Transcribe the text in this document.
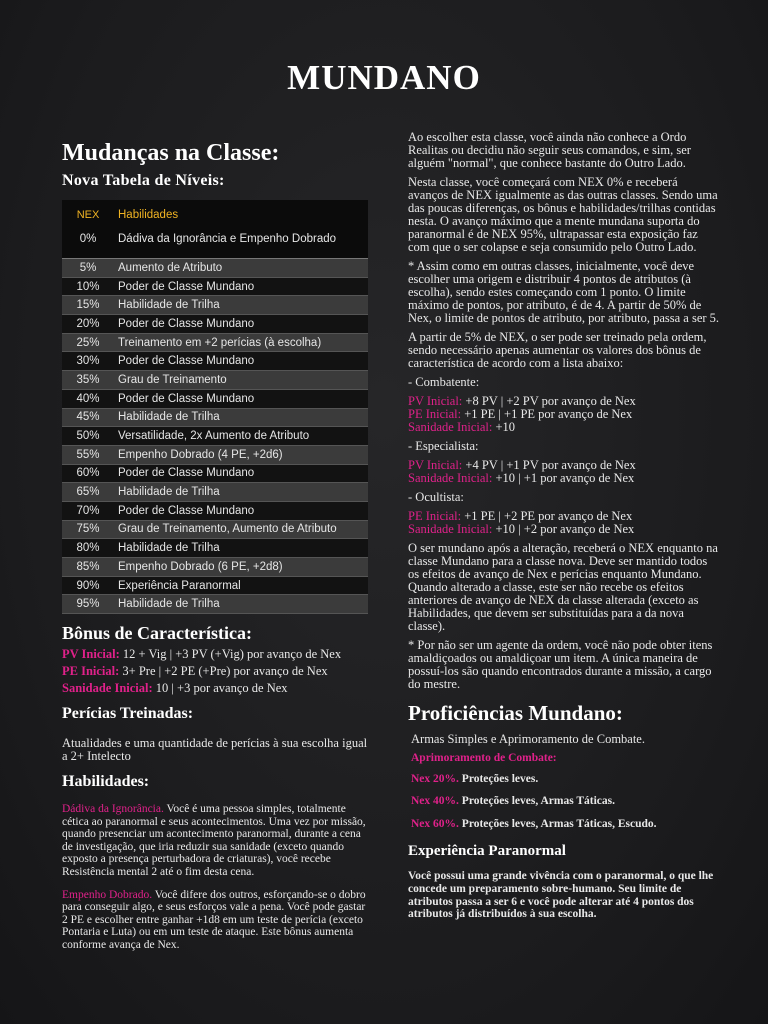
MUNDANO
Mudanças na Classe:
Nova Tabela de Níveis:
NEX	Habilidades
0%	Dádiva da Ignorância e Empenho Dobrado
5%	Aumento de Atributo
10%	Poder de Classe Mundano
15%	Habilidade de Trilha
20%	Poder de Classe Mundano
25%	Treinamento em +2 perícias (à escolha)
30%	Poder de Classe Mundano
35%	Grau de Treinamento
40%	Poder de Classe Mundano
45%	Habilidade de Trilha
50%	Versatilidade, 2x Aumento de Atributo
55%	Empenho Dobrado (4 PE, +2d6)
60%	Poder de Classe Mundano
65%	Habilidade de Trilha
70%	Poder de Classe Mundano
75%	Grau de Treinamento, Aumento de Atributo
80%	Habilidade de Trilha
85%	Empenho Dobrado (6 PE, +2d8)
90%	Experiência Paranormal
95%	Habilidade de Trilha
Bônus de Característica:

PV Inicial: 12 + Vig | +3 PV (+Vig) por avanço de Nex

PE Inicial: 3+ Pre | +2 PE (+Pre) por avanço de Nex

Sanidade Inicial: 10 | +3 por avanço de Nex

Perícias Treinadas:

Atualidades e uma quantidade de perícias à sua escolha igual a 2+ Intelecto

Habilidades:

Dádiva da Ignorância. Você é uma pessoa simples, totalmente cética ao paranormal e seus acontecimentos. Uma vez por missão, quando presenciar um acontecimento paranormal, durante a cena de investigação, que iria reduzir sua sanidade (exceto quando exposto a presença perturbadora de criaturas), você recebe Resistência mental 2 até o fim desta cena.

Empenho Dobrado. Você difere dos outros, esforçando-se o dobro para conseguir algo, e seus esforços vale a pena. Você pode gastar 2 PE e escolher entre ganhar +1d8 em um teste de perícia (exceto Pontaria e Luta) ou em um teste de ataque. Este bônus aumenta conforme avança de Nex.

Ao escolher esta classe, você ainda não conhece a Ordo Realitas ou decidiu não seguir seus comandos, e sim, ser alguém "normal", que conhece bastante do Outro Lado.

Nesta classe, você começará com NEX 0% e receberá avanços de NEX igualmente as das outras classes. Sendo uma das poucas diferenças, os bônus e habilidades/trilhas contidas nesta. O avanço máximo que a mente mundana suporta do paranormal é de NEX 95%, ultrapassar esta exposição faz com que o ser colapse e seja consumido pelo Outro Lado.

* Assim como em outras classes, inicialmente, você deve escolher uma origem e distribuir 4 pontos de atributos (à escolha), sendo estes começando com 1 ponto. O limite máximo de pontos, por atributo, é de 4. A partir de 50% de Nex, o limite de pontos de atributo, por atributo, passa a ser 5.

A partir de 5% de NEX, o ser pode ser treinado pela ordem, sendo necessário apenas aumentar os valores dos bônus de característica de acordo com a lista abaixo:

- Combatente:

PV Inicial: +8 PV | +2 PV por avanço de Nex

PE Inicial: +1 PE | +1 PE por avanço de Nex

Sanidade Inicial: +10

- Especialista:

PV Inicial: +4 PV | +1 PV por avanço de Nex

Sanidade Inicial: +10 | +1 por avanço de Nex

- Ocultista:

PE Inicial: +1 PE | +2 PE por avanço de Nex

Sanidade Inicial: +10 | +2 por avanço de Nex

O ser mundano após a alteração, receberá o NEX enquanto na classe Mundano para a classe nova. Deve ser mantido todos os efeitos de avanço de Nex e perícias enquanto Mundano. Quando alterado a classe, este ser não recebe os efeitos anteriores de avanço de NEX da classe alterada (exceto as Habilidades, que devem ser substituídas para a da nova classe).

* Por não ser um agente da ordem, você não pode obter itens amaldiçoados ou amaldiçoar um item. A única maneira de possuí-los são quando encontrados durante a missão, a cargo do mestre.

Proficiências Mundano:

Armas Simples e Aprimoramento de Combate.

Aprimoramento de Combate:

Nex 20%. Proteções leves.

Nex 40%. Proteções leves, Armas Táticas.

Nex 60%. Proteções leves, Armas Táticas, Escudo.

Experiência Paranormal

Você possui uma grande vivência com o paranormal, o que lhe concede um preparamento sobre-humano. Seu limite de atributos passa a ser 6 e você pode alterar até 4 pontos dos atributos já distribuídos à sua escolha.
